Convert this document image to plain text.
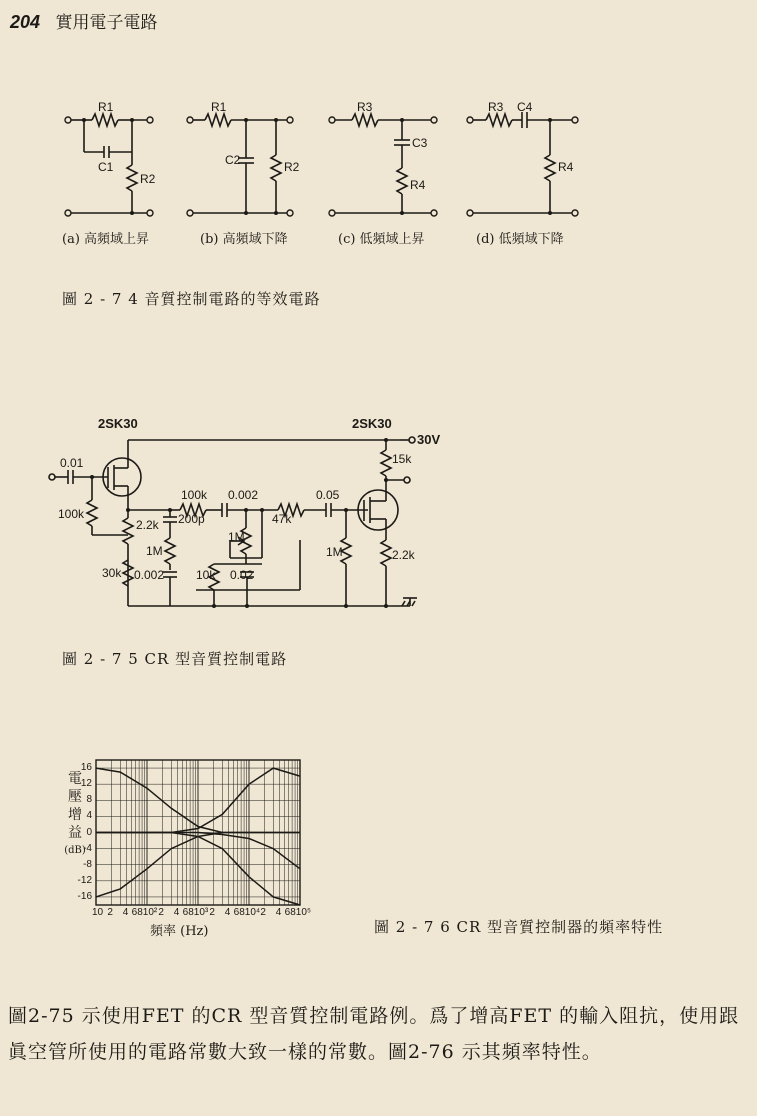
204 實用電子電路
R1
C1
R2
R1
C2	R2
R3
C3
R4
R3 C4
R4
(a) 高頻域上昇	(b) 高頻域下降	(c) 低頻域上昇	(d) 低頻域下降
圖 2 - 7 4 音質控制電路的等效電路
2SK30	2SK30
30V
0.01
100k
2.2k 200p
100k 0.002
1M
1M
47k
0.05
30k 0.002	10k 0.02
1M
15k
2.2k
圖 2 - 7 5 CR 型音質控制電路
電
壓
增
益
(dB)
16
12
8
4
0
-4
-8
-12
-16
10 2 4 6810² 2 4 6810³ 2 4 6810⁴ 2 4 6810⁵
頻率 (Hz)	圖 2 - 7 6 CR 型音質控制器的頻率特性
圖2-75 示使用FET 的CR 型音質控制電路例。爲了增高FET 的輸入阻抗，使用跟眞空管所使用的電路常數大致一樣的常數。圖2-76 示其頻率特性。
